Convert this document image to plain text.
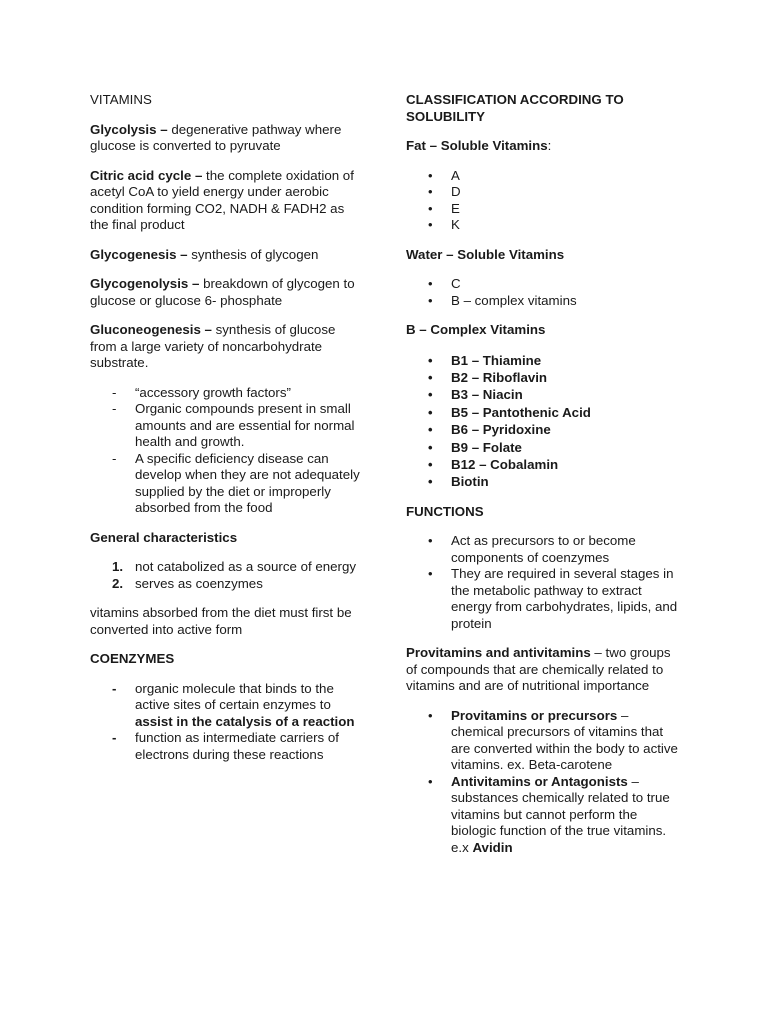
VITAMINS

Glycolysis – degenerative pathway where glucose is converted to pyruvate

Citric acid cycle – the complete oxidation of acetyl CoA to yield energy under aerobic condition forming CO2, NADH & FADH2 as the final product

Glycogenesis – synthesis of glycogen

Glycogenolysis – breakdown of glycogen to glucose or glucose 6- phosphate

Gluconeogenesis – synthesis of glucose from a large variety of noncarbohydrate substrate.

- “accessory growth factors”
- Organic compounds present in small amounts and are essential for normal health and growth.
- A specific deficiency disease can develop when they are not adequately supplied by the diet or improperly absorbed from the food

General characteristics

1. not catabolized as a source of energy
2. serves as coenzymes

vitamins absorbed from the diet must first be converted into active form

COENZYMES

- organic molecule that binds to the active sites of certain enzymes to assist in the catalysis of a reaction
- function as intermediate carriers of electrons during these reactions

CLASSIFICATION ACCORDING TO SOLUBILITY

Fat – Soluble Vitamins:

• A
• D
• E
• K

Water – Soluble Vitamins

• C
• B – complex vitamins

B – Complex Vitamins

• B1 – Thiamine
• B2 – Riboflavin
• B3 – Niacin
• B5 – Pantothenic Acid
• B6 – Pyridoxine
• B9 – Folate
• B12 – Cobalamin
• Biotin

FUNCTIONS

• Act as precursors to or become components of coenzymes
• They are required in several stages in the metabolic pathway to extract energy from carbohydrates, lipids, and protein

Provitamins and antivitamins – two groups of compounds that are chemically related to vitamins and are of nutritional importance

• Provitamins or precursors – chemical precursors of vitamins that are converted within the body to active vitamins. ex. Beta-carotene
• Antivitamins or Antagonists – substances chemically related to true vitamins but cannot perform the biologic function of the true vitamins. e.x Avidin
